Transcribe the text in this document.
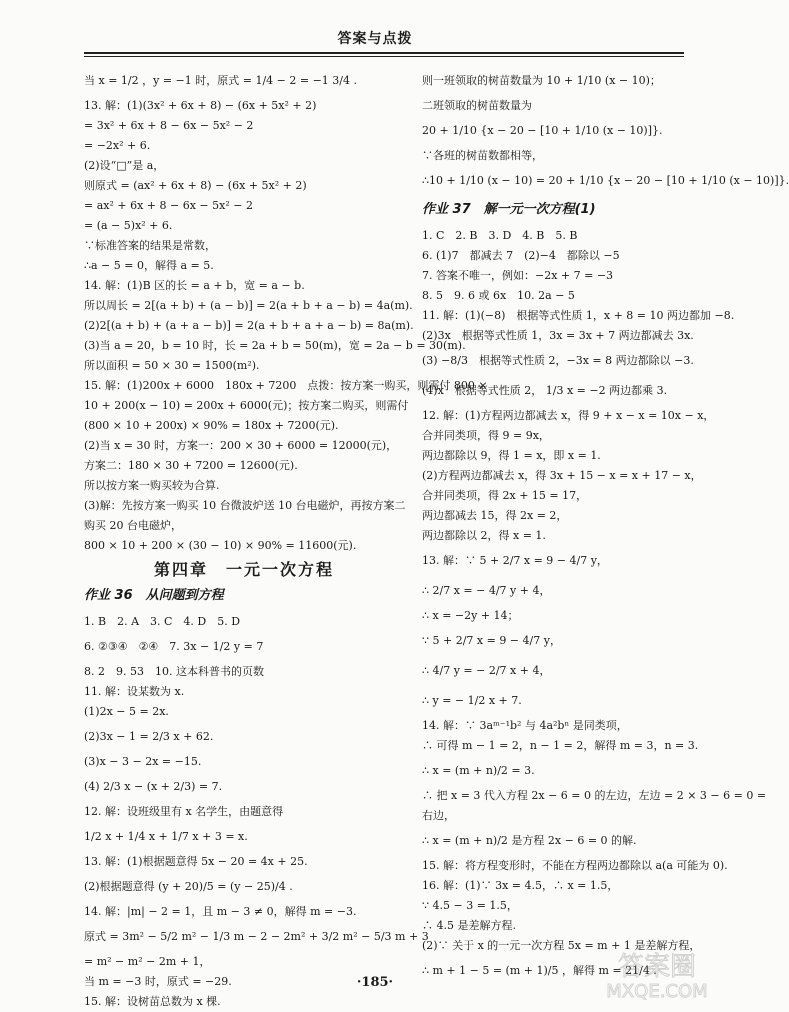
答案与点拨
当 x = 1/2 ，y = −1 时，原式 = 1/4 − 2 = −1 3/4 .
13. 解：(1)(3x² + 6x + 8) − (6x + 5x² + 2)
= 3x² + 6x + 8 − 6x − 5x² − 2
= −2x² + 6.
(2)设“□”是 a，
则原式 = (ax² + 6x + 8) − (6x + 5x² + 2)
= ax² + 6x + 8 − 6x − 5x² − 2
= (a − 5)x² + 6.
∵标准答案的结果是常数，
∴a − 5 = 0，解得 a = 5.
14. 解：(1)B 区的长 = a + b，宽 = a − b.
所以周长 = 2[(a + b) + (a − b)] = 2(a + b + a − b) = 4a(m).
(2)2[(a + b) + (a + a − b)] = 2(a + b + a + a − b) = 8a(m).
(3)当 a = 20，b = 10 时，长 = 2a + b = 50(m)，宽 = 2a − b = 30(m).
所以面积 = 50 × 30 = 1500(m²).
15. 解：(1)200x + 6000　180x + 7200　点拨：按方案一购买，则需付 800 ×
10 + 200(x − 10) = 200x + 6000(元)；按方案二购买，则需付
(800 × 10 + 200x) × 90% = 180x + 7200(元).
(2)当 x = 30 时，方案一：200 × 30 + 6000 = 12000(元)，
方案二：180 × 30 + 7200 = 12600(元).
所以按方案一购买较为合算.
(3)解：先按方案一购买 10 台微波炉送 10 台电磁炉，再按方案二
购买 20 台电磁炉，
800 × 10 + 200 × (30 − 10) × 90% = 11600(元).
第四章　一元一次方程
作业 36　从问题到方程
1. B　2. A　3. C　4. D　5. D
6. ②③④　②④　7. 3x − 1/2 y = 7
8. 2　9. 53　10. 这本科普书的页数
11. 解：设某数为 x.
(1)2x − 5 = 2x.
(2)3x − 1 = 2/3 x + 62.
(3)x − 3 − 2x = −15.
(4) 2/3 x − (x + 2/3) = 7.
12. 解：设班级里有 x 名学生，由题意得
1/2 x + 1/4 x + 1/7 x + 3 = x.
13. 解：(1)根据题意得 5x − 20 = 4x + 25.
(2)根据题意得 (y + 20)/5 = (y − 25)/4 .
14. 解：|m| − 2 = 1，且 m − 3 ≠ 0，解得 m = −3.
原式 = 3m² − 5/2 m² − 1/3 m − 2 − 2m² + 3/2 m² − 5/3 m + 3
= m² − m² − 2m + 1，
当 m = −3 时，原式 = −29.
15. 解：设树苗总数为 x 棵.
则一班领取的树苗数量为 10 + 1/10 (x − 10)；
二班领取的树苗数量为
20 + 1/10 {x − 20 − [10 + 1/10 (x − 10)]}.
∵各班的树苗数都相等，
∴10 + 1/10 (x − 10) = 20 + 1/10 {x − 20 − [10 + 1/10 (x − 10)]}.
作业 37　解一元一次方程(1)
1. C　2. B　3. D　4. B　5. B
6. (1)7　都减去 7　(2)−4　都除以 −5
7. 答案不唯一，例如：−2x + 7 = −3
8. 5　9. 6 或 6x　10. 2a − 5
11. 解：(1)(−8)　根据等式性质 1，x + 8 = 10 两边都加 −8.
(2)3x　根据等式性质 1，3x = 3x + 7 两边都减去 3x.
(3) −8/3　根据等式性质 2，−3x = 8 两边都除以 −3.
(4)x　根据等式性质 2， 1/3 x = −2 两边都乘 3.
12. 解：(1)方程两边都减去 x，得 9 + x − x = 10x − x，
合并同类项，得 9 = 9x，
两边都除以 9，得 1 = x，即 x = 1.
(2)方程两边都减去 x，得 3x + 15 − x = x + 17 − x，
合并同类项，得 2x + 15 = 17，
两边都减去 15，得 2x = 2，
两边都除以 2，得 x = 1.
13. 解：∵ 5 + 2/7 x = 9 − 4/7 y，
∴ 2/7 x = − 4/7 y + 4，
∴ x = −2y + 14；
∵ 5 + 2/7 x = 9 − 4/7 y，
∴ 4/7 y = − 2/7 x + 4，
∴ y = − 1/2 x + 7.
14. 解：∵ 3aᵐ⁻¹b² 与 4a²bⁿ 是同类项，
∴ 可得 m − 1 = 2，n − 1 = 2，解得 m = 3，n = 3.
∴ x = (m + n)/2 = 3.
∴ 把 x = 3 代入方程 2x − 6 = 0 的左边，左边 = 2 × 3 − 6 = 0 =
右边，
∴ x = (m + n)/2 是方程 2x − 6 = 0 的解.
15. 解：将方程变形时，不能在方程两边都除以 a(a 可能为 0).
16. 解：(1)∵ 3x = 4.5，∴ x = 1.5，
∵ 4.5 − 3 = 1.5，
∴ 4.5 是差解方程.
(2)∵ 关于 x 的一元一次方程 5x = m + 1 是差解方程，
∴ m + 1 − 5 = (m + 1)/5 ，解得 m = 21/4 .
·185·
答案圈
MXQE.COM
